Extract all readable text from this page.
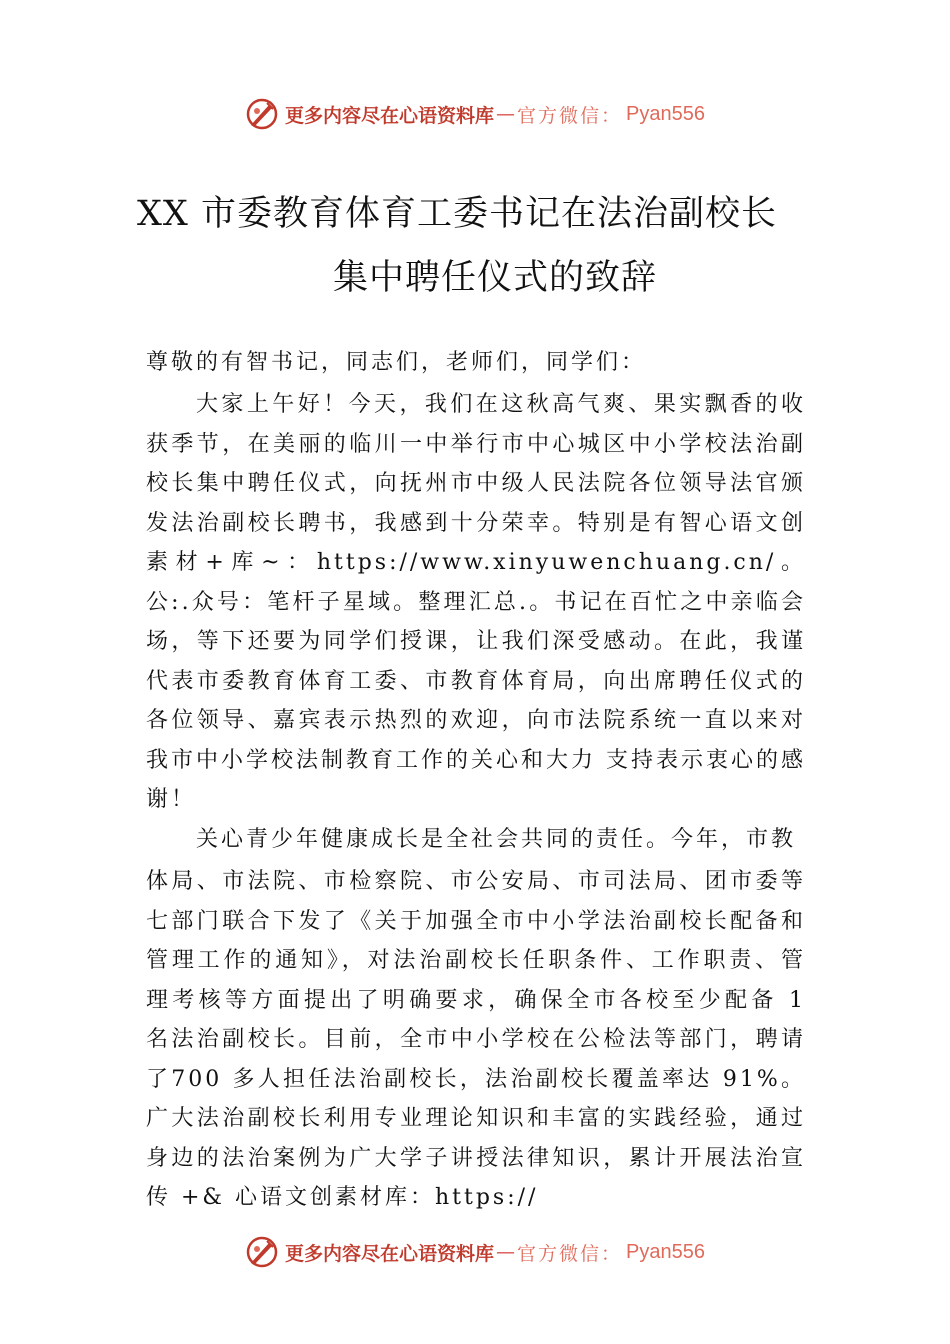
更多内容尽在心语资料库 — 官方微信： Pyan556
XX 市委教育体育工委书记在法治副校长
集中聘任仪式的致辞

尊敬的有智书记，同志们，老师们，同学们：

大家上午好！今天，我们在这秋高气爽、果实飘香的收获季节，在美丽的临川一中举行市中心城区中小学校法治副校长集中聘任仪式，向抚州市中级人民法院各位领导法官颁发法治副校长聘书，我感到十分荣幸。特别是有智心语文创素材+库~：https://www.xinyuwenchuang.cn/。公:.众号：笔杆子星域。整理汇总.。书记在百忙之中亲临会场，等下还要为同学们授课，让我们深受感动。在此，我谨代表市委教育体育工委、市教育体育局，向出席聘任仪式的各位领导、嘉宾表示热烈的欢迎，向市法院系统一直以来对我市中小学校法制教育工作的关心和大力 支持表示衷心的感谢！

关心青少年健康成长是全社会共同的责任。今年，市教

体局、市法院、市检察院、市公安局、市司法局、团市委等七部门联合下发了《关于加强全市中小学法治副校长配备和管理工作的通知》，对法治副校长任职条件、工作职责、管理考核等方面提出了明确要求，确保全市各校至少配备 1 名法治副校长。目前，全市中小学校在公检法等部门，聘请了700 多人担任法治副校长，法治副校长覆盖率达 91%。广大法治副校长利用专业理论知识和丰富的实践经验，通过身边的法治案例为广大学子讲授法律知识，累计开展法治宣传 +& 心语文创素材库：https://

更多内容尽在心语资料库 — 官方微信： Pyan556
